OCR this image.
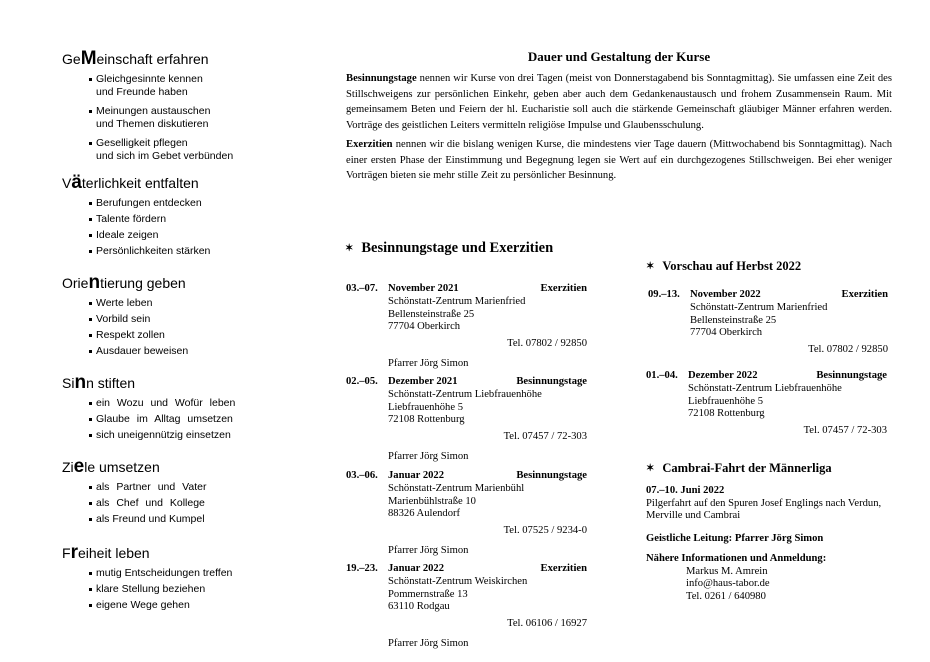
GeMeinschaft erfahren
Gleichgesinnte kennen
und Freunde haben
Meinungen austauschen
und Themen diskutieren
Geselligkeit pflegen
und sich im Gebet verbünden
Väterlichkeit entfalten
Berufungen entdecken
Talente fördern
Ideale zeigen
Persönlichkeiten stärken
Orientierung geben
Werte leben
Vorbild sein
Respekt zollen
Ausdauer beweisen
Sinn stiften
ein Wozu und Wofür leben
Glaube im Alltag umsetzen
sich uneigennützig einsetzen
Ziele umsetzen
als Partner und Vater
als Chef und Kollege
als Freund und Kumpel
Freiheit leben
mutig Entscheidungen treffen
klare Stellung beziehen
eigene Wege gehen
Dauer und Gestaltung der Kurse

Besinnungstage nennen wir Kurse von drei Tagen (meist von Donnerstagabend bis Sonntagmittag). Sie umfassen eine Zeit des Stillschweigens zur persönlichen Einkehr, geben aber auch dem Gedankenaustausch und frohem Zusammensein Raum. Mit gemeinsamem Beten und Feiern der hl. Eucharistie soll auch die stärkende Gemeinschaft gläubiger Männer erfahren werden. Vorträge des geistlichen Leiters vermitteln religiöse Impulse und Glaubensschulung.

Exerzitien nennen wir die bislang wenigen Kurse, die mindestens vier Tage dauern (Mittwochabend bis Sonntagmittag). Nach einer ersten Phase der Einstimmung und Begegnung legen sie Wert auf ein durchgezogenes Stillschweigen. Bei eher weniger Vorträgen bieten sie mehr stille Zeit zu persönlicher Besinnung.

✶ Besinnungstage und Exerzitien
03.–07. November 2021	Exerzitien
Schönstatt-Zentrum Marienfried
Bellensteinstraße 25
77704 Oberkirch
Tel. 07802 / 92850
Pfarrer Jörg Simon
02.–05. Dezember 2021	Besinnungstage
Schönstatt-Zentrum Liebfrauenhöhe
Liebfrauenhöhe 5
72108 Rottenburg
Tel. 07457 / 72-303
Pfarrer Jörg Simon
03.–06. Januar 2022	Besinnungstage
Schönstatt-Zentrum Marienbühl
Marienbühlstraße 10
88326 Aulendorf
Tel. 07525 / 9234-0
Pfarrer Jörg Simon
19.–23. Januar 2022	Exerzitien
Schönstatt-Zentrum Weiskirchen
Pommernstraße 13
63110 Rodgau
Tel. 06106 / 16927
Pfarrer Jörg Simon
✶ Vorschau auf Herbst 2022
09.–13. November 2022	Exerzitien
Schönstatt-Zentrum Marienfried
Bellensteinstraße 25
77704 Oberkirch
Tel. 07802 / 92850
01.–04. Dezember 2022	Besinnungstage
Schönstatt-Zentrum Liebfrauenhöhe
Liebfrauenhöhe 5
72108 Rottenburg
Tel. 07457 / 72-303
✶ Cambrai-Fahrt der Männerliga
07.–10. Juni 2022
Pilgerfahrt auf den Spuren Josef Englings nach Verdun, Merville und Cambrai
Geistliche Leitung: Pfarrer Jörg Simon
Nähere Informationen und Anmeldung:
Markus M. Amrein
info@haus-tabor.de
Tel. 0261 / 640980
